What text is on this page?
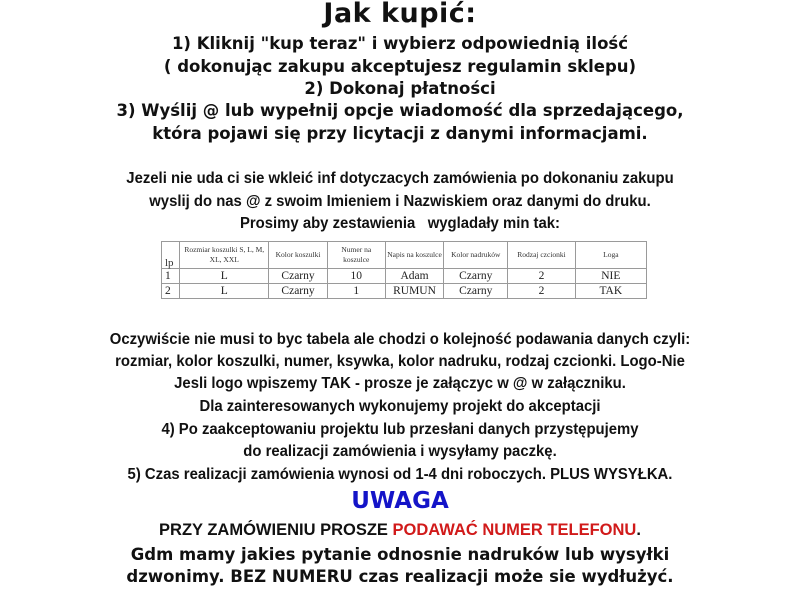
Jak kupić:
1) Kliknij "kup teraz" i wybierz odpowiednią ilość
( dokonując zakupu akceptujesz regulamin sklepu)
2) Dokonaj płatności
3) Wyślij @ lub wypełnij opcje wiadomość dla sprzedającego,
która pojawi się przy licytacji z danymi informacjami.
Jezeli nie uda ci sie wkleić inf dotyczacych zamówienia po dokonaniu zakupu
wyslij do nas @ z swoim Imieniem i Nazwiskiem oraz danymi do druku.
Prosimy aby zestawienia   wygladały min tak:
lp	Rozmiar koszulki S, L, M, XL, XXL	Kolor koszulki	Numer na koszulce	Napis na koszulce	Kolor nadruków	Rodzaj czcionki	Loga
1	L	Czarny	10	Adam	Czarny	2	NIE
2	L	Czarny	1	RUMUN	Czarny	2	TAK
Oczywiście nie musi to byc tabela ale chodzi o kolejność podawania danych czyli:
rozmiar, kolor koszulki, numer, ksywka, kolor nadruku, rodzaj czcionki. Logo-Nie
Jesli logo wpiszemy TAK - prosze je załączyc w @ w załączniku.
Dla zainteresowanych wykonujemy projekt do akceptacji
4) Po zaakceptowaniu projektu lub przesłani danych przystępujemy
do realizacji zamówienia i wysyłamy paczkę.
5) Czas realizacji zamówienia wynosi od 1-4 dni roboczych. PLUS WYSYŁKA.
UWAGA
PRZY ZAMÓWIENIU PROSZE PODAWAĆ NUMER TELEFONU.
Gdm mamy jakies pytanie odnosnie nadruków lub wysyłki
dzwonimy. BEZ NUMERU czas realizacji może sie wydłużyć.
